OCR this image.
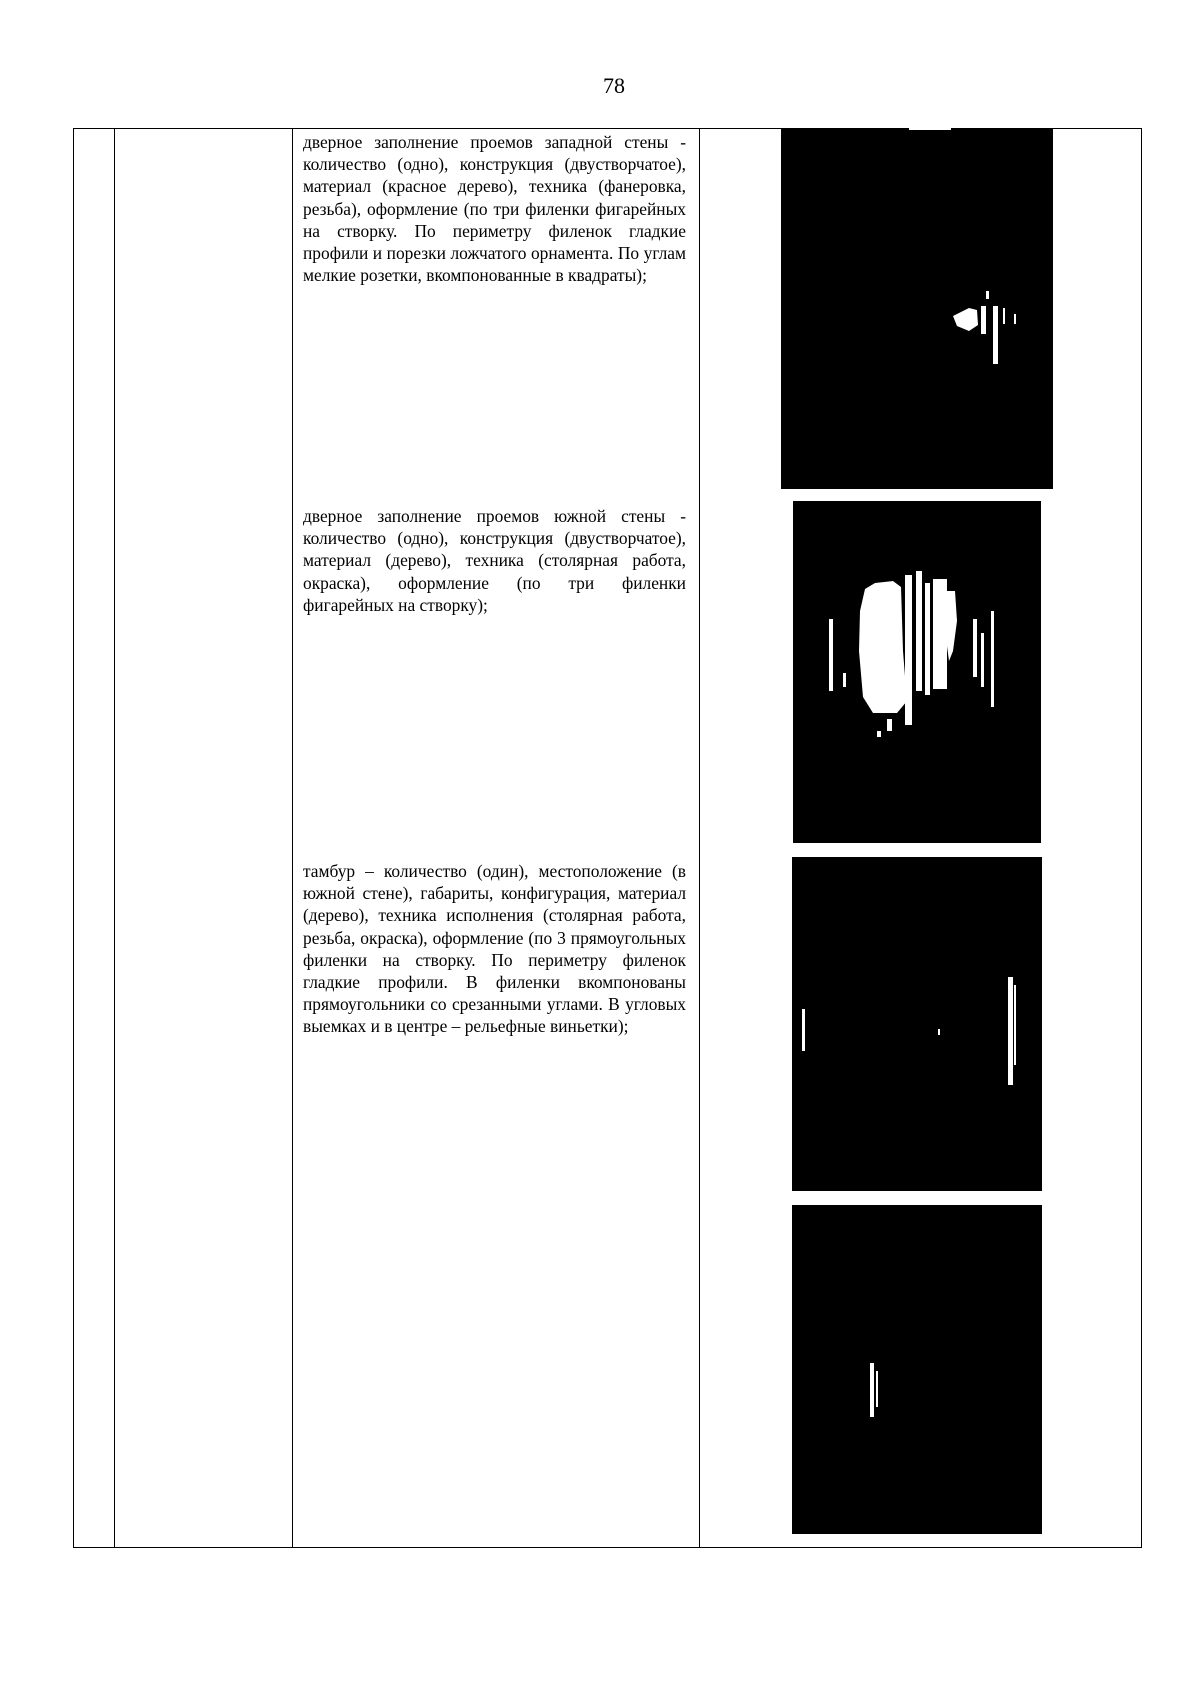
78
дверное заполнение проемов западной стены - количество (одно), конструкция (двустворчатое), материал (красное дерево), техника (фанеровка, резьба), оформление (по три филенки фигарейных на створку. По периметру филенок гладкие профили и порезки ложчатого орнамента. По углам мелкие розетки, вкомпонованные в квадраты);
дверное заполнение проемов южной стены - количество (одно), конструкция (двустворчатое), материал (дерево), техника (столярная работа, окраска), оформление (по три филенки фигарейных на створку);
тамбур – количество (один), местоположение (в южной стене), габариты, конфигурация, материал (дерево), техника исполнения (столярная работа, резьба, окраска), оформление (по 3 прямоугольных филенки на створку. По периметру филенок гладкие профили. В филенки вкомпонованы прямоугольники со срезанными углами. В угловых выемках и в центре – рельефные виньетки);
